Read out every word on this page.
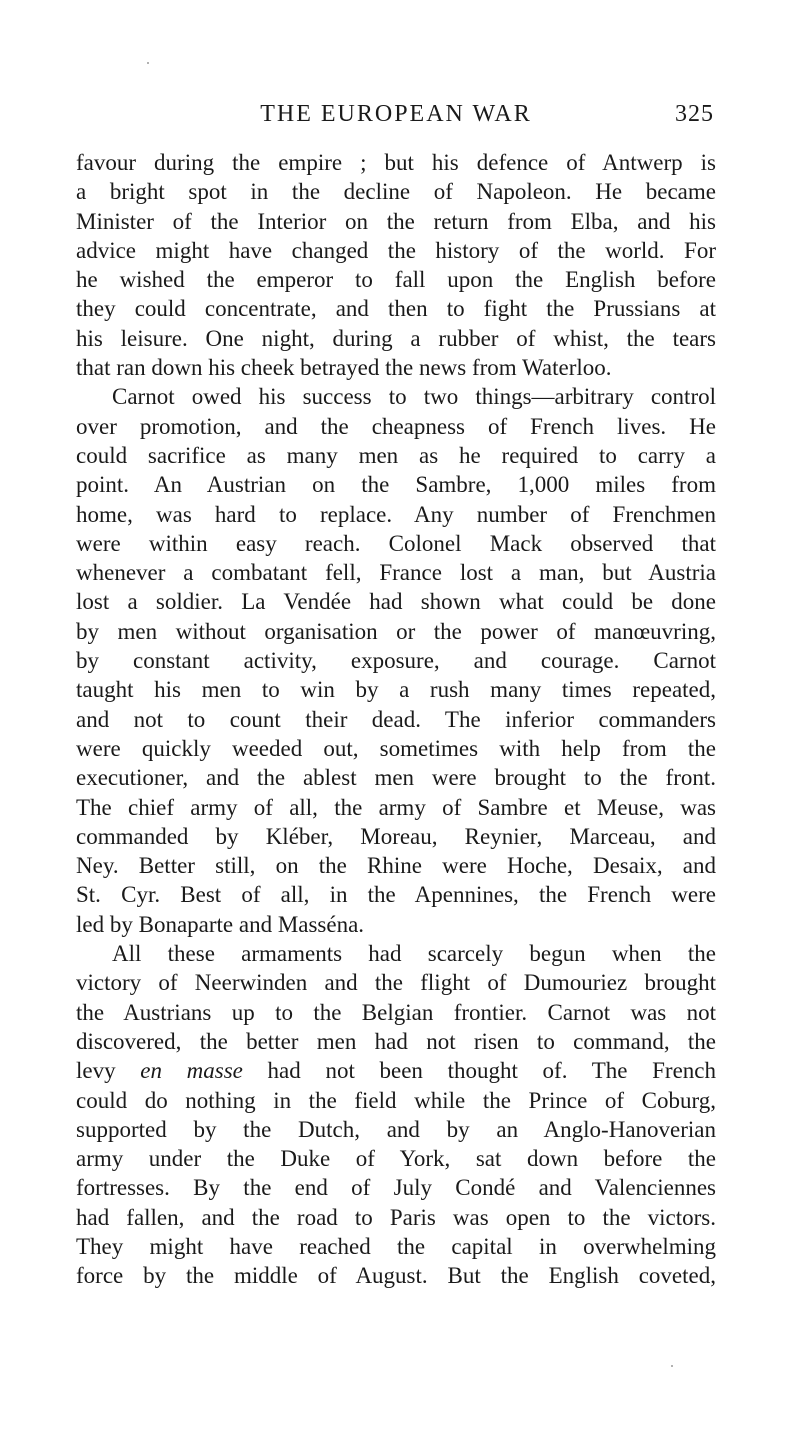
THE EUROPEAN WAR	325
favour during the empire ; but his defence of Antwerp is
a bright spot in the decline of Napoleon. He became
Minister of the Interior on the return from Elba, and his
advice might have changed the history of the world. For
he wished the emperor to fall upon the English before
they could concentrate, and then to fight the Prussians at
his leisure. One night, during a rubber of whist, the tears
that ran down his cheek betrayed the news from Waterloo.
Carnot owed his success to two things—arbitrary control
over promotion, and the cheapness of French lives. He
could sacrifice as many men as he required to carry a
point. An Austrian on the Sambre, 1,000 miles from
home, was hard to replace. Any number of Frenchmen
were within easy reach. Colonel Mack observed that
whenever a combatant fell, France lost a man, but Austria
lost a soldier. La Vendée had shown what could be done
by men without organisation or the power of manœuvring,
by constant activity, exposure, and courage. Carnot
taught his men to win by a rush many times repeated,
and not to count their dead. The inferior commanders
were quickly weeded out, sometimes with help from the
executioner, and the ablest men were brought to the front.
The chief army of all, the army of Sambre et Meuse, was
commanded by Kléber, Moreau, Reynier, Marceau, and
Ney. Better still, on the Rhine were Hoche, Desaix, and
St. Cyr. Best of all, in the Apennines, the French were
led by Bonaparte and Masséna.
All these armaments had scarcely begun when the
victory of Neerwinden and the flight of Dumouriez brought
the Austrians up to the Belgian frontier. Carnot was not
discovered, the better men had not risen to command, the
levy en masse had not been thought of. The French
could do nothing in the field while the Prince of Coburg,
supported by the Dutch, and by an Anglo-Hanoverian
army under the Duke of York, sat down before the
fortresses. By the end of July Condé and Valenciennes
had fallen, and the road to Paris was open to the victors.
They might have reached the capital in overwhelming
force by the middle of August. But the English coveted,
